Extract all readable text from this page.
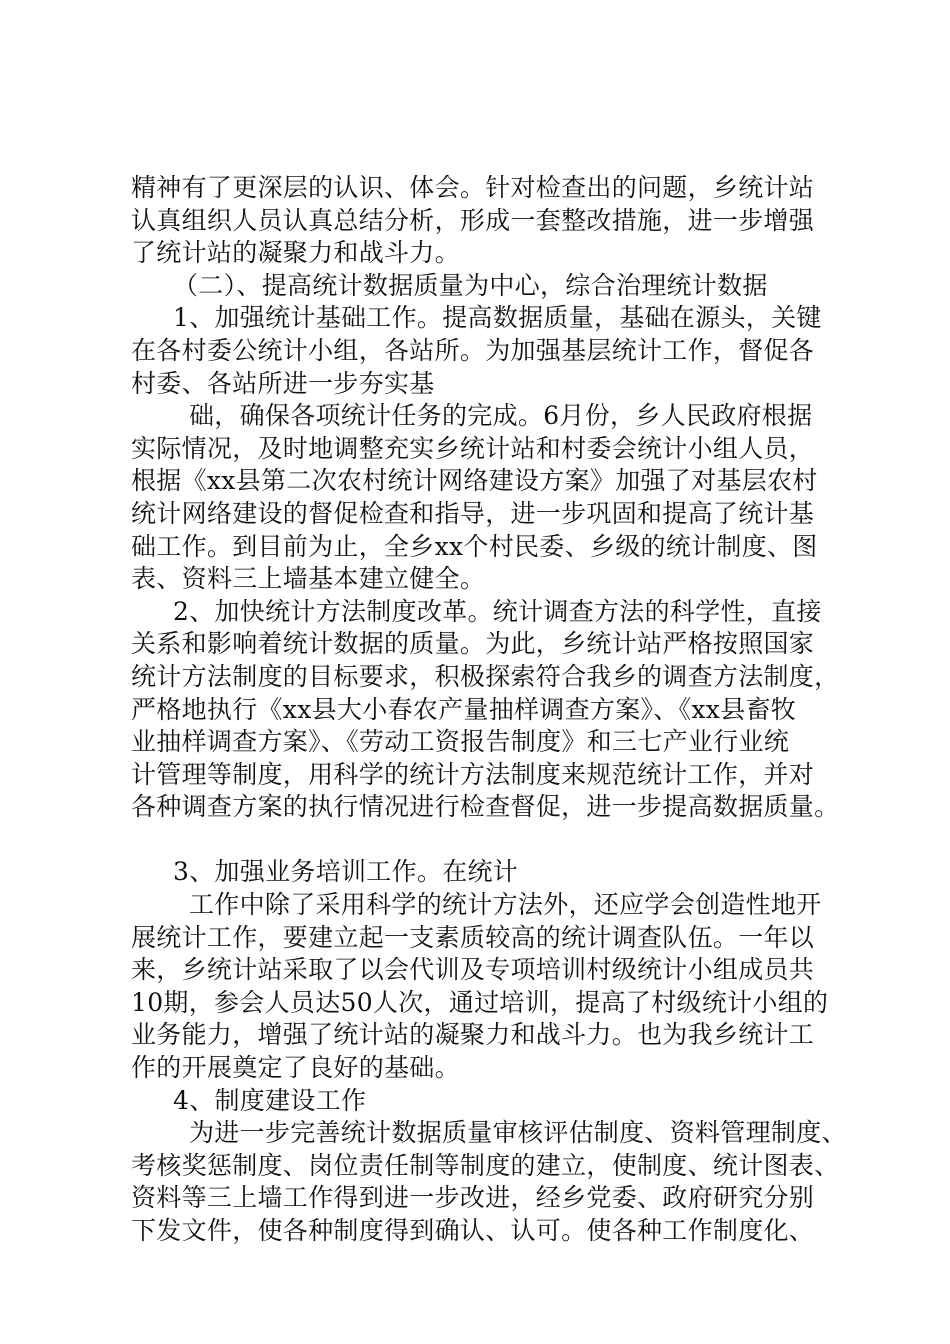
精神有了更深层的认识、体会。针对检查出的问题，乡统计站
认真组织人员认真总结分析，形成一套整改措施，进一步增强
了统计站的凝聚力和战斗力。
（二）、提高统计数据质量为中心，综合治理统计数据
1、加强统计基础工作。提高数据质量，基础在源头，关键
在各村委公统计小组，各站所。为加强基层统计工作，督促各
村委、各站所进一步夯实基
础，确保各项统计任务的完成。6月份，乡人民政府根据
实际情况，及时地调整充实乡统计站和村委会统计小组人员，
根据《xx县第二次农村统计网络建设方案》加强了对基层农村
统计网络建设的督促检查和指导，进一步巩固和提高了统计基
础工作。到目前为止，全乡xx个村民委、乡级的统计制度、图
表、资料三上墙基本建立健全。
2、加快统计方法制度改革。统计调查方法的科学性，直接
关系和影响着统计数据的质量。为此，乡统计站严格按照国家
统计方法制度的目标要求，积极探索符合我乡的调查方法制度，
严格地执行《xx县大小春农产量抽样调查方案》、《xx县畜牧
业抽样调查方案》、《劳动工资报告制度》和三七产业行业统
计管理等制度，用科学的统计方法制度来规范统计工作，并对
各种调查方案的执行情况进行检查督促，进一步提高数据质量。
3、加强业务培训工作。在统计
工作中除了采用科学的统计方法外，还应学会创造性地开
展统计工作，要建立起一支素质较高的统计调查队伍。一年以
来，乡统计站采取了以会代训及专项培训村级统计小组成员共
10期，参会人员达50人次，通过培训，提高了村级统计小组的
业务能力，增强了统计站的凝聚力和战斗力。也为我乡统计工
作的开展奠定了良好的基础。
4、制度建设工作
为进一步完善统计数据质量审核评估制度、资料管理制度、
考核奖惩制度、岗位责任制等制度的建立，使制度、统计图表、
资料等三上墙工作得到进一步改进，经乡党委、政府研究分别
下发文件，使各种制度得到确认、认可。使各种工作制度化、
